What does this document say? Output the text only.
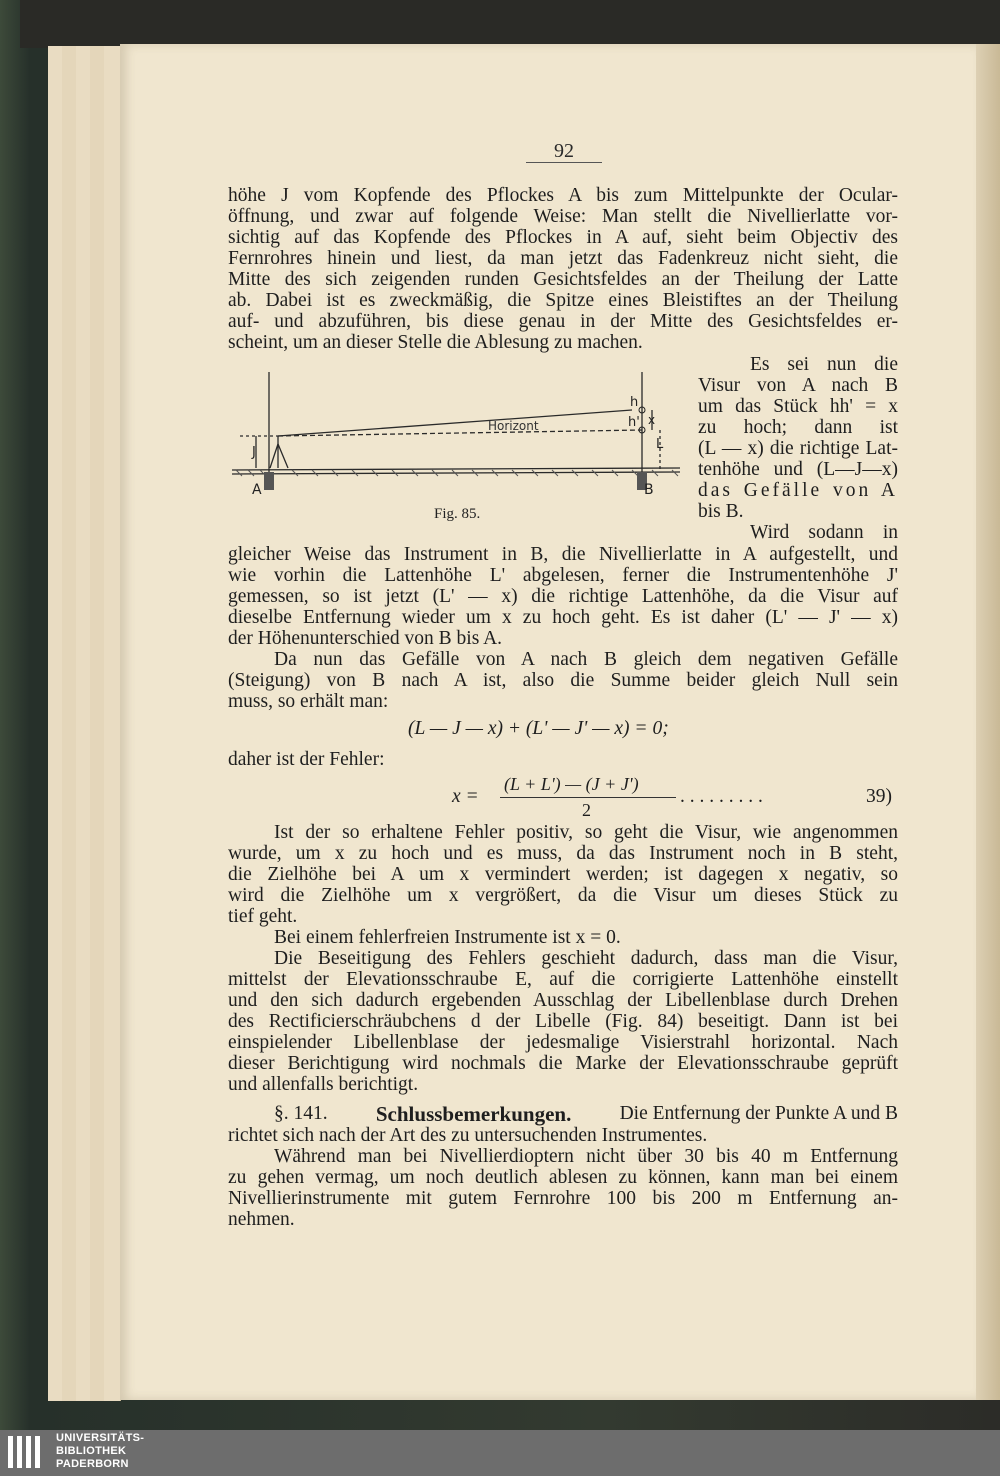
92
höhe J vom Kopfende des Pflockes A bis zum Mittelpunkte der Ocular-
öffnung, und zwar auf folgende Weise: Man stellt die Nivellierlatte vor-
sichtig auf das Kopfende des Pflockes in A auf, sieht beim Objectiv des
Fernrohres hinein und liest, da man jetzt das Fadenkreuz nicht sieht, die
Mitte des sich zeigenden runden Gesichtsfeldes an der Theilung der Latte
ab. Dabei ist es zweckmäßig, die Spitze eines Bleistiftes an der Theilung
auf- und abzuführen, bis diese genau in der Mitte des Gesichtsfeldes er-
scheint, um an dieser Stelle die Ablesung zu machen.
Es sei nun die
Visur von A nach B
um das Stück hh' = x
zu hoch; dann ist
(L — x) die richtige Lat-
tenhöhe und (L—J—x)
das Gefälle von A
bis B.
Horizont
h
h' x
J
L
A	B
Fig. 85.
Wird sodann in
gleicher Weise das Instrument in B, die Nivellierlatte in A aufgestellt, und
wie vorhin die Lattenhöhe L' abgelesen, ferner die Instrumentenhöhe J'
gemessen, so ist jetzt (L' — x) die richtige Lattenhöhe, da die Visur auf
dieselbe Entfernung wieder um x zu hoch geht. Es ist daher (L' — J' — x)
der Höhenunterschied von B bis A.
Da nun das Gefälle von A nach B gleich dem negativen Gefälle
(Steigung) von B nach A ist, also die Summe beider gleich Null sein
muss, so erhält man:
(L — J — x) + (L' — J' — x) = 0;
daher ist der Fehler:
x =
(L + L') — (J + J')
2
. . . . . . . . .	39)
Ist der so erhaltene Fehler positiv, so geht die Visur, wie angenommen
wurde, um x zu hoch und es muss, da das Instrument noch in B steht,
die Zielhöhe bei A um x vermindert werden; ist dagegen x negativ, so
wird die Zielhöhe um x vergrößert, da die Visur um dieses Stück zu
tief geht.
Bei einem fehlerfreien Instrumente ist x = 0.
Die Beseitigung des Fehlers geschieht dadurch, dass man die Visur,
mittelst der Elevationsschraube E, auf die corrigierte Lattenhöhe einstellt
und den sich dadurch ergebenden Ausschlag der Libellenblase durch Drehen
des Rectificierschräubchens d der Libelle (Fig. 84) beseitigt. Dann ist bei
einspielender Libellenblase der jedesmalige Visierstrahl horizontal. Nach
dieser Berichtigung wird nochmals die Marke der Elevationsschraube geprüft
und allenfalls berichtigt.
§. 141. Schlussbemerkungen. Die Entfernung der Punkte A und B
richtet sich nach der Art des zu untersuchenden Instrumentes.
Während man bei Nivellierdioptern nicht über 30 bis 40 m Entfernung
zu gehen vermag, um noch deutlich ablesen zu können, kann man bei einem
Nivellierinstrumente mit gutem Fernrohre 100 bis 200 m Entfernung an-
nehmen.
UNIVERSITÄTS-
BIBLIOTHEK
PADERBORN
